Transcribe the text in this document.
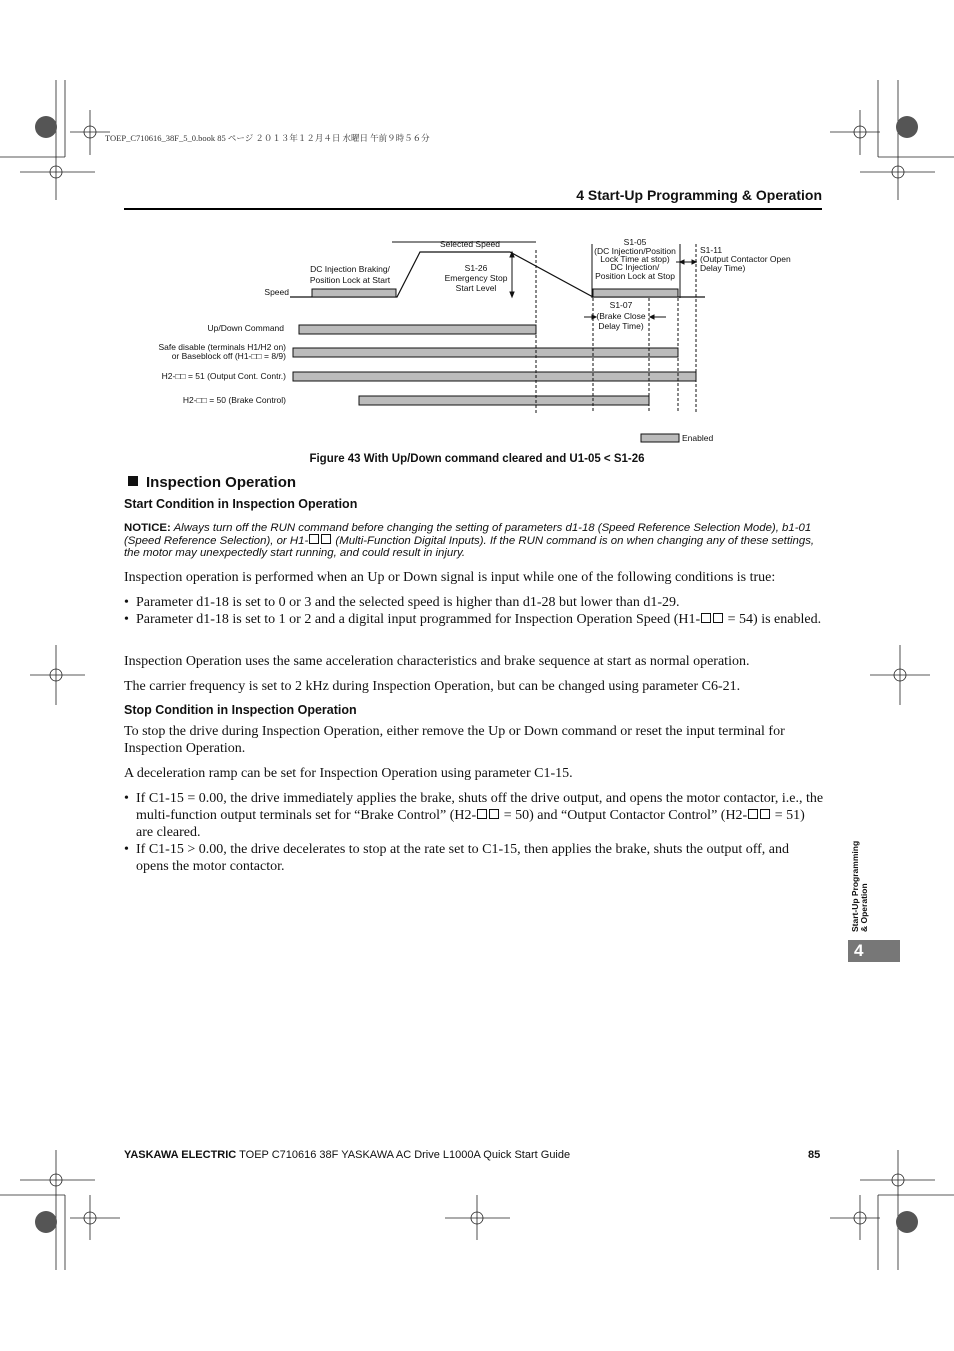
TOEP_C710616_38F_5_0.book 85 ページ ２０１３年１２月４日 水曜日 午前９時５６分
4 Start-Up Programming & Operation
Selected Speed	S1-05
(DC Injection/Position
Lock Time at stop)
DC Injection/
Position Lock at Stop
S1-11
(Output Contactor Open
Delay Time)
DC Injection Braking/
Position Lock at Start
S1-26
Emergency Stop
Start Level
Speed
S1-07
(Brake Close
Delay Time)
Up/Down Command
Safe disable (terminals H1/H2 on)
or Baseblock off (H1-□□ = 8/9)
H2-□□ = 51 (Output Cont. Contr.)
H2-□□ = 50 (Brake Control)
Enabled
Figure 43 With Up/Down command cleared and U1-05 < S1-26
Inspection Operation
Start Condition in Inspection Operation
NOTICE: Always turn off the RUN command before changing the setting of parameters d1-18 (Speed Reference Selection Mode), b1-01 (Speed Reference Selection), or H1- (Multi-Function Digital Inputs). If the RUN command is on when changing any of these settings, the motor may unexpectedly start running, and could result in injury.
Inspection operation is performed when an Up or Down signal is input while one of the following conditions is true:
• Parameter d1-18 is set to 0 or 3 and the selected speed is higher than d1-28 but lower than d1-29.
• Parameter d1-18 is set to 1 or 2 and a digital input programmed for Inspection Operation Speed (H1- = 54) is enabled.
Inspection Operation uses the same acceleration characteristics and brake sequence at start as normal operation.
The carrier frequency is set to 2 kHz during Inspection Operation, but can be changed using parameter C6-21.
Stop Condition in Inspection Operation
To stop the drive during Inspection Operation, either remove the Up or Down command or reset the input terminal for Inspection Operation.
A deceleration ramp can be set for Inspection Operation using parameter C1-15.
• If C1-15 = 0.00, the drive immediately applies the brake, shuts off the drive output, and opens the motor contactor, i.e., the multi-function output terminals set for “Brake Control” (H2- = 50) and “Output Contactor Control” (H2- = 51) are cleared.
• If C1-15 > 0.00, the drive decelerates to stop at the rate set to C1-15, then applies the brake, shuts the output off, and opens the motor contactor.	Start-Up Programming & Operation
4
YASKAWA ELECTRIC TOEP C710616 38F YASKAWA AC Drive L1000A Quick Start Guide	85
